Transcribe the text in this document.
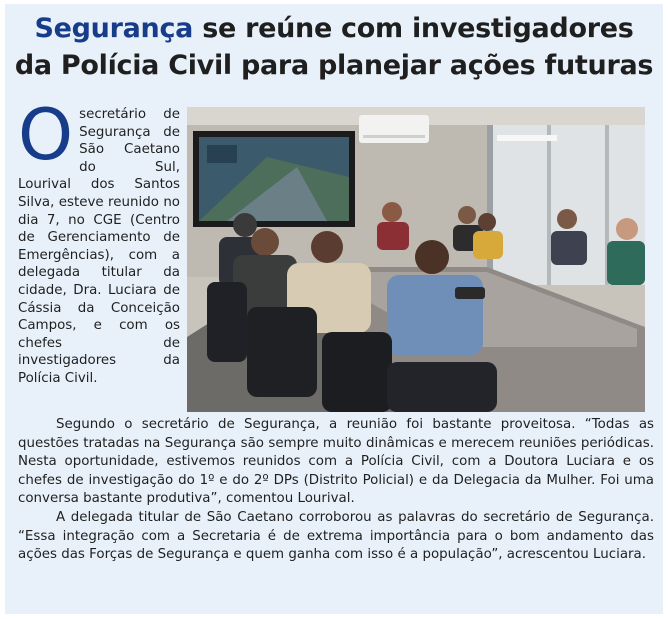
Segurança se reúne com investigadores
da Polícia Civil para planejar ações futuras
Osecretário de Segurança de São Caetano do Sul, Lourival dos Santos Silva, esteve reunido no dia 7, no CGE (Centro de Gerenciamento de Emergências), com a delegada titular da cidade, Dra. Luciara de Cássia da Conceição Campos, e com os chefes de investigadores da Polícia Civil.

Segundo o secretário de Segurança, a reunião foi bastante proveitosa. “Todas as questões tratadas na Segurança são sempre muito dinâmicas e merecem reuniões periódicas. Nesta oportunidade, estivemos reunidos com a Polícia Civil, com a Doutora Luciara e os chefes de investigação do 1º e do 2º DPs (Distrito Policial) e da Delegacia da Mulher. Foi uma conversa bastante produtiva”, comentou Lourival.

A delegada titular de São Caetano corroborou as palavras do secretário de Segurança. “Essa integração com a Secretaria é de extrema importância para o bom andamento das ações das Forças de Segurança e quem ganha com isso é a população”, acrescentou Luciara.
